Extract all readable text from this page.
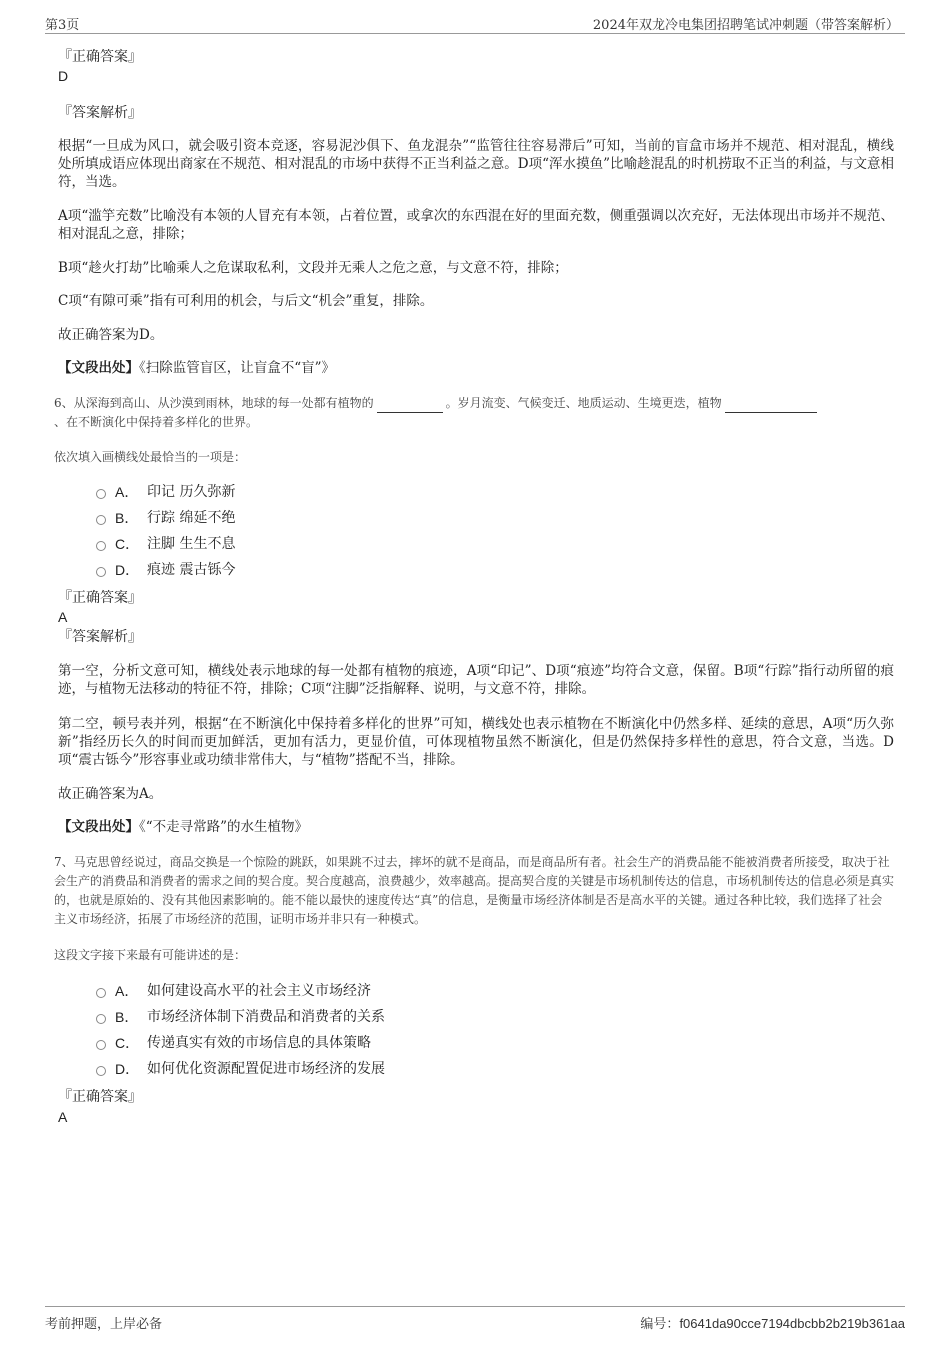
第3页	2024年双龙冷电集团招聘笔试冲刺题（带答案解析）
『正确答案』
D
『答案解析』
根据“一旦成为风口，就会吸引资本竞逐，容易泥沙俱下、鱼龙混杂”“监管往往容易滞后”可知，当前的盲盒市场并不规范、相对混乱，横线处所填成语应体现出商家在不规范、相对混乱的市场中获得不正当利益之意。D项“浑水摸鱼”比喻趁混乱的时机捞取不正当的利益，与文意相符，当选。
A项“滥竽充数”比喻没有本领的人冒充有本领，占着位置，或拿次的东西混在好的里面充数，侧重强调以次充好，无法体现出市场并不规范、相对混乱之意，排除；
B项“趁火打劫”比喻乘人之危谋取私利，文段并无乘人之危之意，与文意不符，排除；
C项“有隙可乘”指有可利用的机会，与后文“机会”重复，排除。
故正确答案为D。
【文段出处】《扫除监管盲区，让盲盒不“盲”》
6、从深海到高山、从沙漠到雨林，地球的每一处都有植物的	。岁月流变、气候变迁、地质运动、生境更迭，植物
、在不断演化中保持着多样化的世界。
依次填入画横线处最恰当的一项是：
A． 印记 历久弥新
B． 行踪 绵延不绝
C． 注脚 生生不息
D． 痕迹 震古铄今
『正确答案』
A
『答案解析』
第一空，分析文意可知，横线处表示地球的每一处都有植物的痕迹，A项“印记”、D项“痕迹”均符合文意，保留。B项“行踪”指行动所留的痕迹，与植物无法移动的特征不符，排除；C项“注脚”泛指解释、说明，与文意不符，排除。
第二空，顿号表并列，根据“在不断演化中保持着多样化的世界”可知，横线处也表示植物在不断演化中仍然多样、延续的意思，A项“历久弥新”指经历长久的时间而更加鲜活，更加有活力，更显价值，可体现植物虽然不断演化，但是仍然保持多样性的意思，符合文意，当选。D项“震古铄今”形容事业或功绩非常伟大，与“植物”搭配不当，排除。
故正确答案为A。
【文段出处】《“不走寻常路”的水生植物》
7、马克思曾经说过，商品交换是一个惊险的跳跃，如果跳不过去，摔坏的就不是商品，而是商品所有者。社会生产的消费品能不能被消费者所接受，取决于社会生产的消费品和消费者的需求之间的契合度。契合度越高，浪费越少，效率越高。提高契合度的关键是市场机制传达的信息，市场机制传达的信息必须是真实的，也就是原始的、没有其他因素影响的。能不能以最快的速度传达“真”的信息，是衡量市场经济体制是否是高水平的关键。通过各种比较，我们选择了社会主义市场经济，拓展了市场经济的范围，证明市场并非只有一种模式。
这段文字接下来最有可能讲述的是：
A． 如何建设高水平的社会主义市场经济
B． 市场经济体制下消费品和消费者的关系
C． 传递真实有效的市场信息的具体策略
D． 如何优化资源配置促进市场经济的发展
『正确答案』
A
考前押题，上岸必备	编号：f0641da90cce7194dbcbb2b219b361aa
